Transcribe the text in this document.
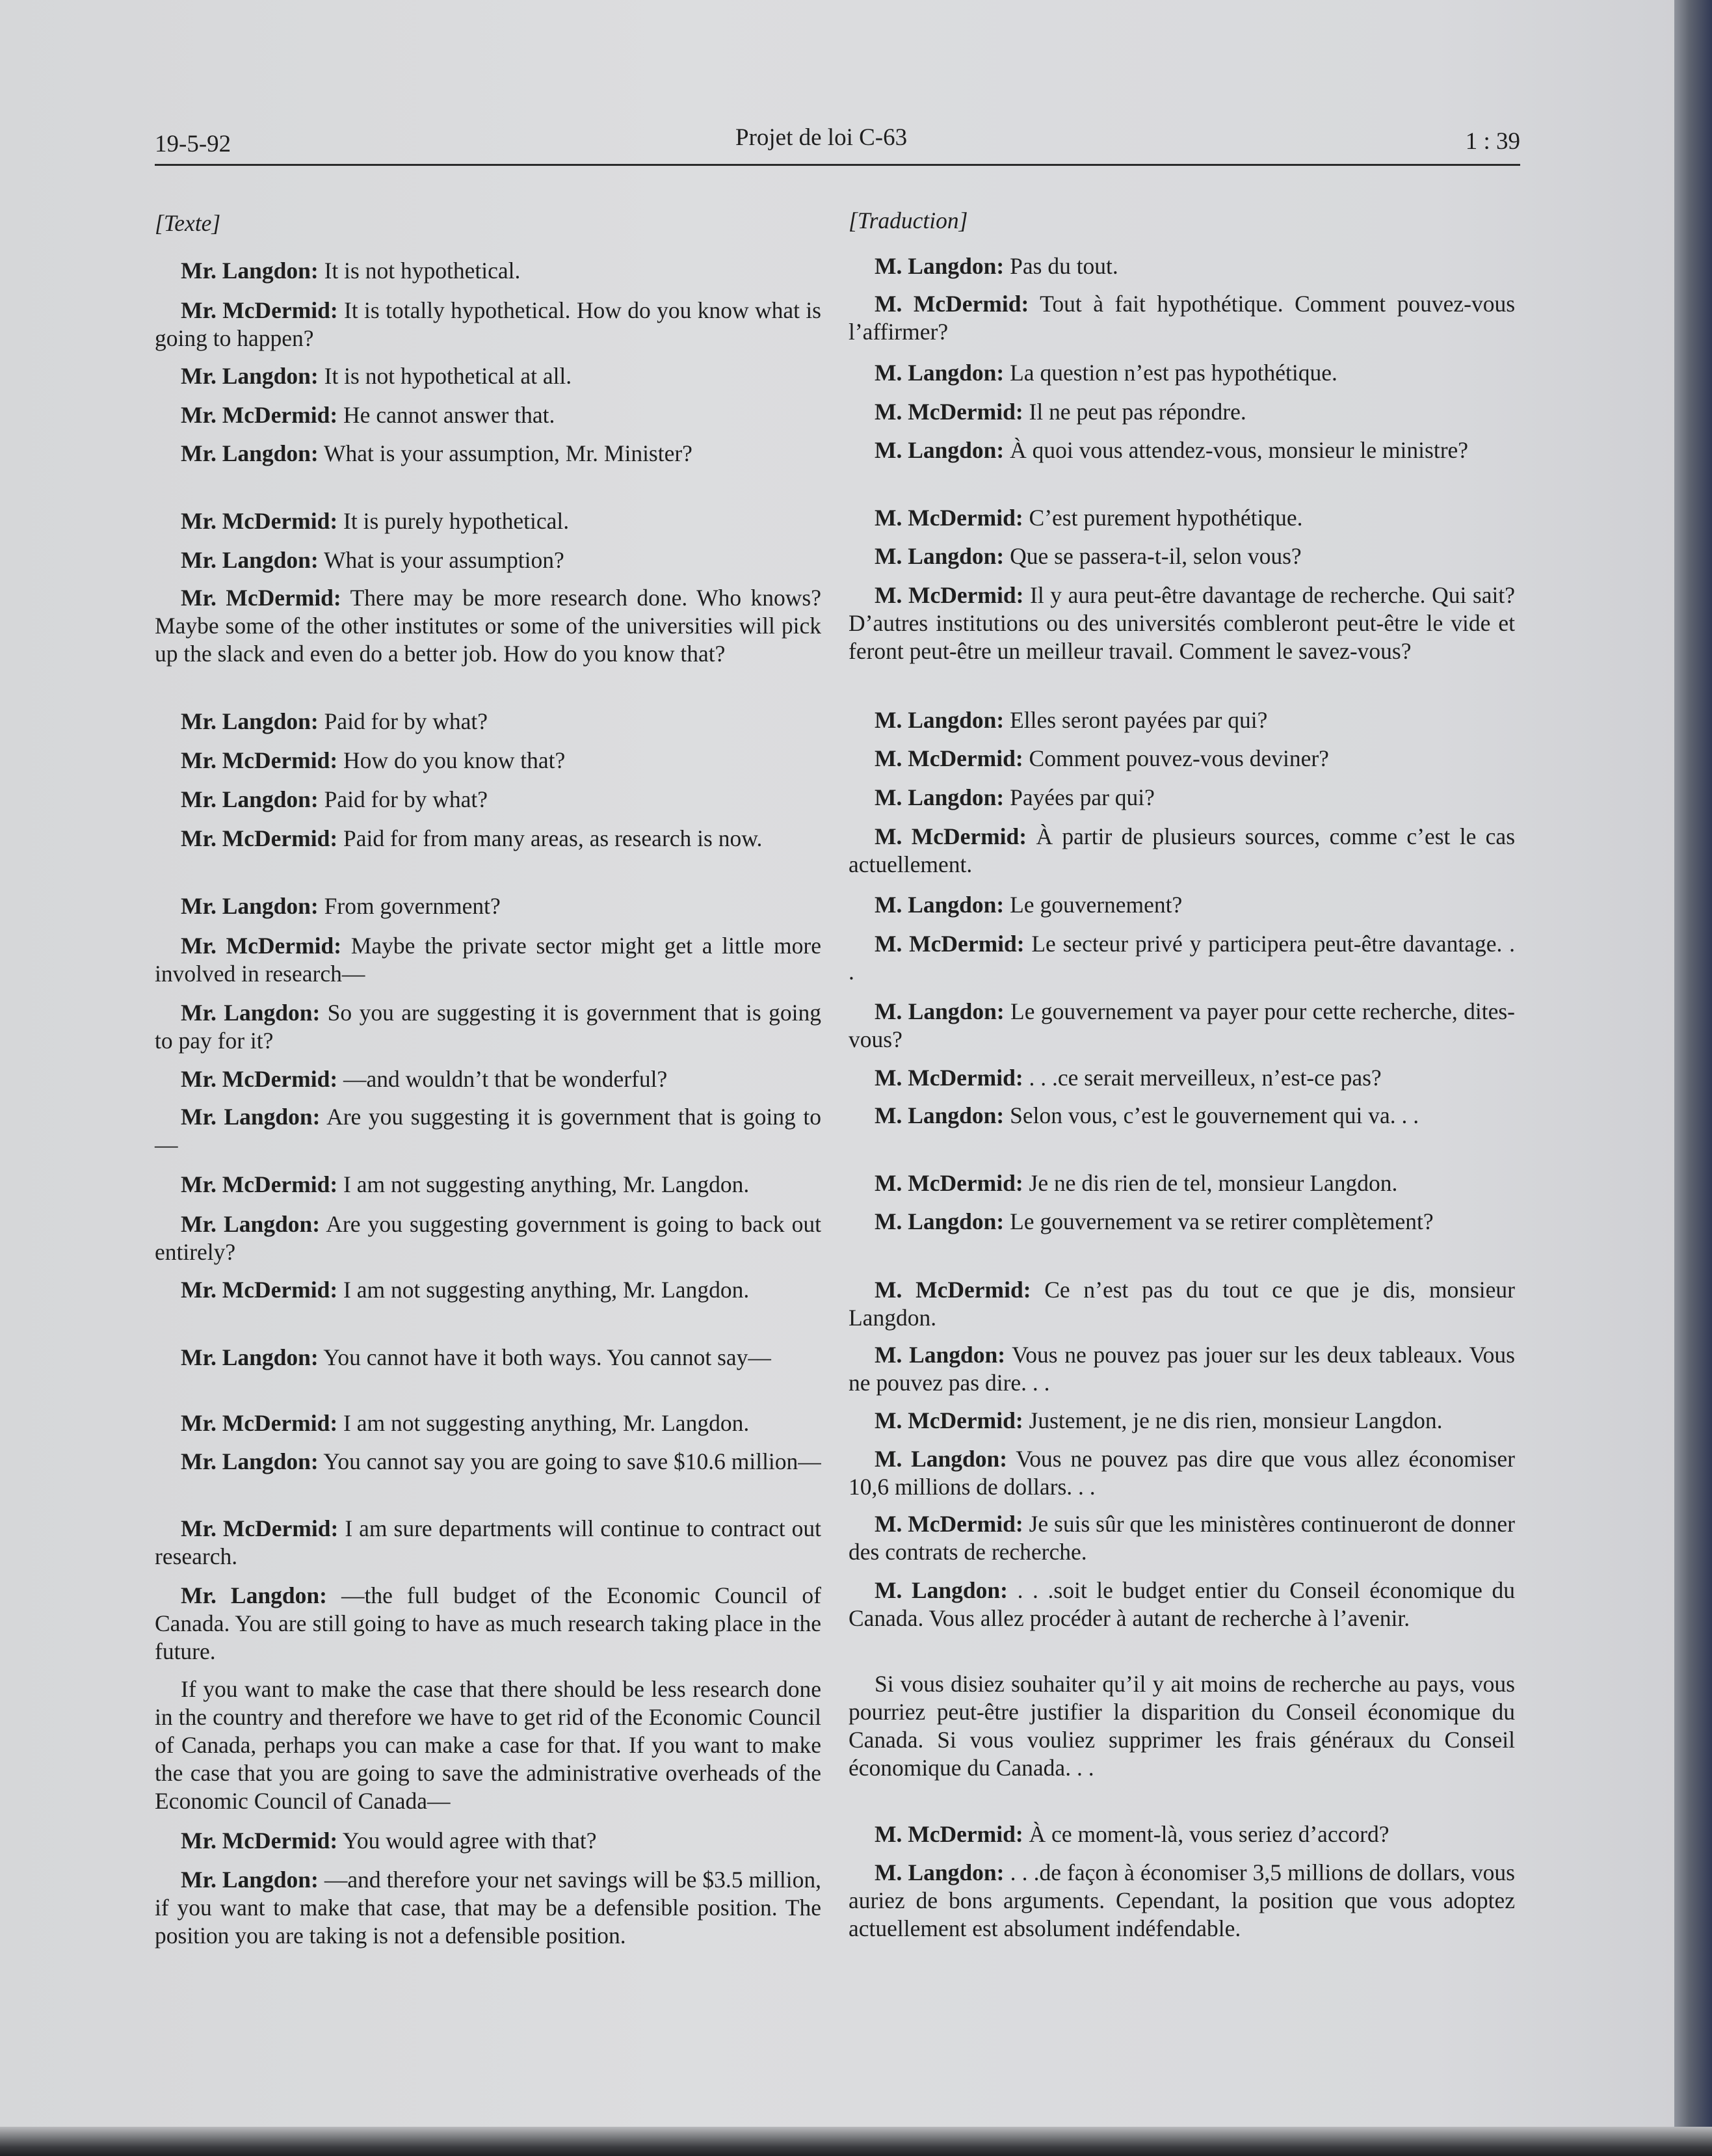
19-5-92	Projet de loi C-63	1 : 39
[Texte]

Mr. Langdon: It is not hypothetical.

Mr. McDermid: It is totally hypothetical. How do you know what is going to happen?

Mr. Langdon: It is not hypothetical at all.

Mr. McDermid: He cannot answer that.

Mr. Langdon: What is your assumption, Mr. Minister?

Mr. McDermid: It is purely hypothetical.

Mr. Langdon: What is your assumption?

Mr. McDermid: There may be more research done. Who knows? Maybe some of the other institutes or some of the universities will pick up the slack and even do a better job. How do you know that?

Mr. Langdon: Paid for by what?

Mr. McDermid: How do you know that?

Mr. Langdon: Paid for by what?

Mr. McDermid: Paid for from many areas, as research is now.

Mr. Langdon: From government?

Mr. McDermid: Maybe the private sector might get a little more involved in research—

Mr. Langdon: So you are suggesting it is government that is going to pay for it?

Mr. McDermid: —and wouldn’t that be wonderful?

Mr. Langdon: Are you suggesting it is government that is going to—

Mr. McDermid: I am not suggesting anything, Mr. Langdon.

Mr. Langdon: Are you suggesting government is going to back out entirely?

Mr. McDermid: I am not suggesting anything, Mr. Langdon.

Mr. Langdon: You cannot have it both ways. You cannot say—

Mr. McDermid: I am not suggesting anything, Mr. Langdon.

Mr. Langdon: You cannot say you are going to save $10.6 million—

Mr. McDermid: I am sure departments will continue to contract out research.

Mr. Langdon: —the full budget of the Economic Council of Canada. You are still going to have as much research taking place in the future.

If you want to make the case that there should be less research done in the country and therefore we have to get rid of the Economic Council of Canada, perhaps you can make a case for that. If you want to make the case that you are going to save the administrative overheads of the Economic Council of Canada—

Mr. McDermid: You would agree with that?

Mr. Langdon: —and therefore your net savings will be $3.5 million, if you want to make that case, that may be a defensible position. The position you are taking is not a defensible position.

[Traduction]

M. Langdon: Pas du tout.

M. McDermid: Tout à fait hypothétique. Comment pouvez-vous l’affirmer?

M. Langdon: La question n’est pas hypothétique.

M. McDermid: Il ne peut pas répondre.

M. Langdon: À quoi vous attendez-vous, monsieur le ministre?

M. McDermid: C’est purement hypothétique.

M. Langdon: Que se passera-t-il, selon vous?

M. McDermid: Il y aura peut-être davantage de recherche. Qui sait? D’autres institutions ou des universités combleront peut-être le vide et feront peut-être un meilleur travail. Comment le savez-vous?

M. Langdon: Elles seront payées par qui?

M. McDermid: Comment pouvez-vous deviner?

M. Langdon: Payées par qui?

M. McDermid: À partir de plusieurs sources, comme c’est le cas actuellement.

M. Langdon: Le gouvernement?

M. McDermid: Le secteur privé y participera peut-être davantage. . .

M. Langdon: Le gouvernement va payer pour cette recherche, dites-vous?

M. McDermid: . . .ce serait merveilleux, n’est-ce pas?

M. Langdon: Selon vous, c’est le gouvernement qui va. . .

M. McDermid: Je ne dis rien de tel, monsieur Langdon.

M. Langdon: Le gouvernement va se retirer complètement?

M. McDermid: Ce n’est pas du tout ce que je dis, monsieur Langdon.

M. Langdon: Vous ne pouvez pas jouer sur les deux tableaux. Vous ne pouvez pas dire. . .

M. McDermid: Justement, je ne dis rien, monsieur Langdon.

M. Langdon: Vous ne pouvez pas dire que vous allez économiser 10,6 millions de dollars. . .

M. McDermid: Je suis sûr que les ministères continueront de donner des contrats de recherche.

M. Langdon: . . .soit le budget entier du Conseil économique du Canada. Vous allez procéder à autant de recherche à l’avenir.

Si vous disiez souhaiter qu’il y ait moins de recherche au pays, vous pourriez peut-être justifier la disparition du Conseil économique du Canada. Si vous vouliez supprimer les frais généraux du Conseil économique du Canada. . .

M. McDermid: À ce moment-là, vous seriez d’accord?

M. Langdon: . . .de façon à économiser 3,5 millions de dollars, vous auriez de bons arguments. Cependant, la position que vous adoptez actuellement est absolument indéfendable.
